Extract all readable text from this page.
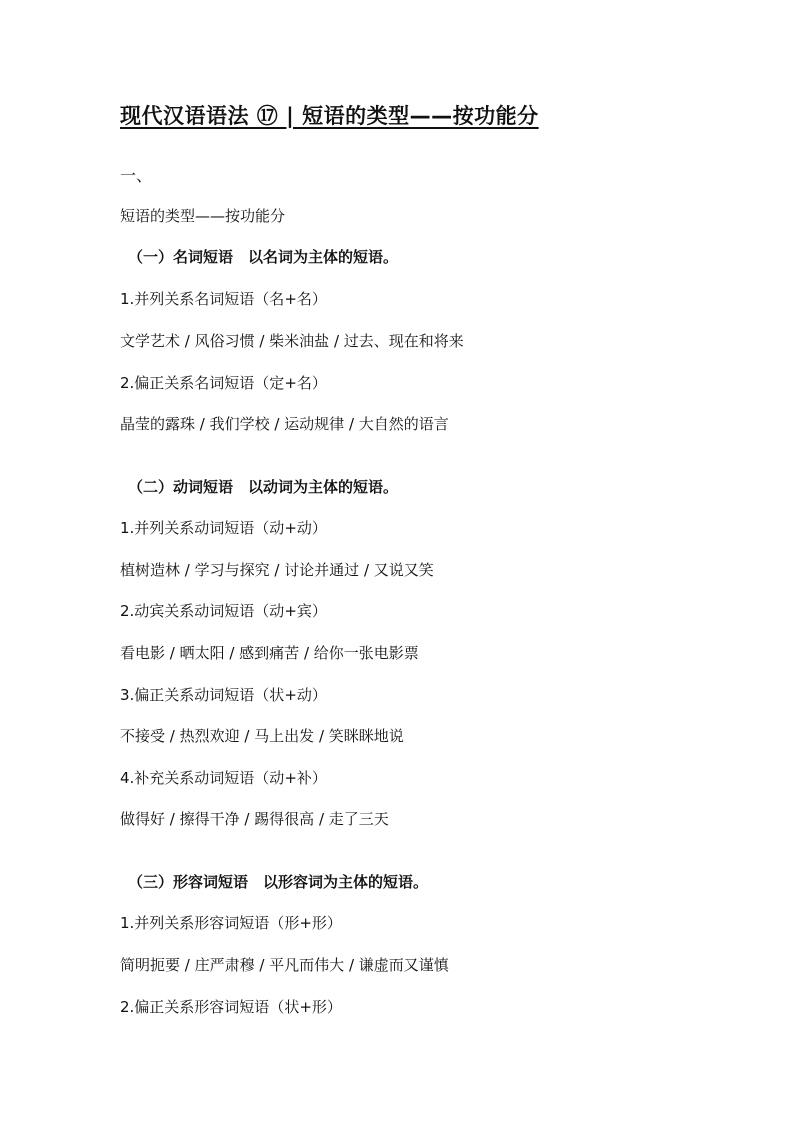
现代汉语语法 ⑰ | 短语的类型——按功能分
一、
短语的类型——按功能分
（一）名词短语　以名词为主体的短语。
1.并列关系名词短语（名+名）
文学艺术 / 风俗习惯 / 柴米油盐 / 过去、现在和将来
2.偏正关系名词短语（定+名）
晶莹的露珠 / 我们学校 / 运动规律 / 大自然的语言
（二）动词短语　以动词为主体的短语。
1.并列关系动词短语（动+动）
植树造林 / 学习与探究 / 讨论并通过 / 又说又笑
2.动宾关系动词短语（动+宾）
看电影 / 晒太阳 / 感到痛苦 / 给你一张电影票
3.偏正关系动词短语（状+动）
不接受 / 热烈欢迎 / 马上出发 / 笑眯眯地说
4.补充关系动词短语（动+补）
做得好 / 擦得干净 / 踢得很高 / 走了三天
（三）形容词短语　以形容词为主体的短语。
1.并列关系形容词短语（形+形）
简明扼要 / 庄严肃穆 / 平凡而伟大 / 谦虚而又谨慎
2.偏正关系形容词短语（状+形）
